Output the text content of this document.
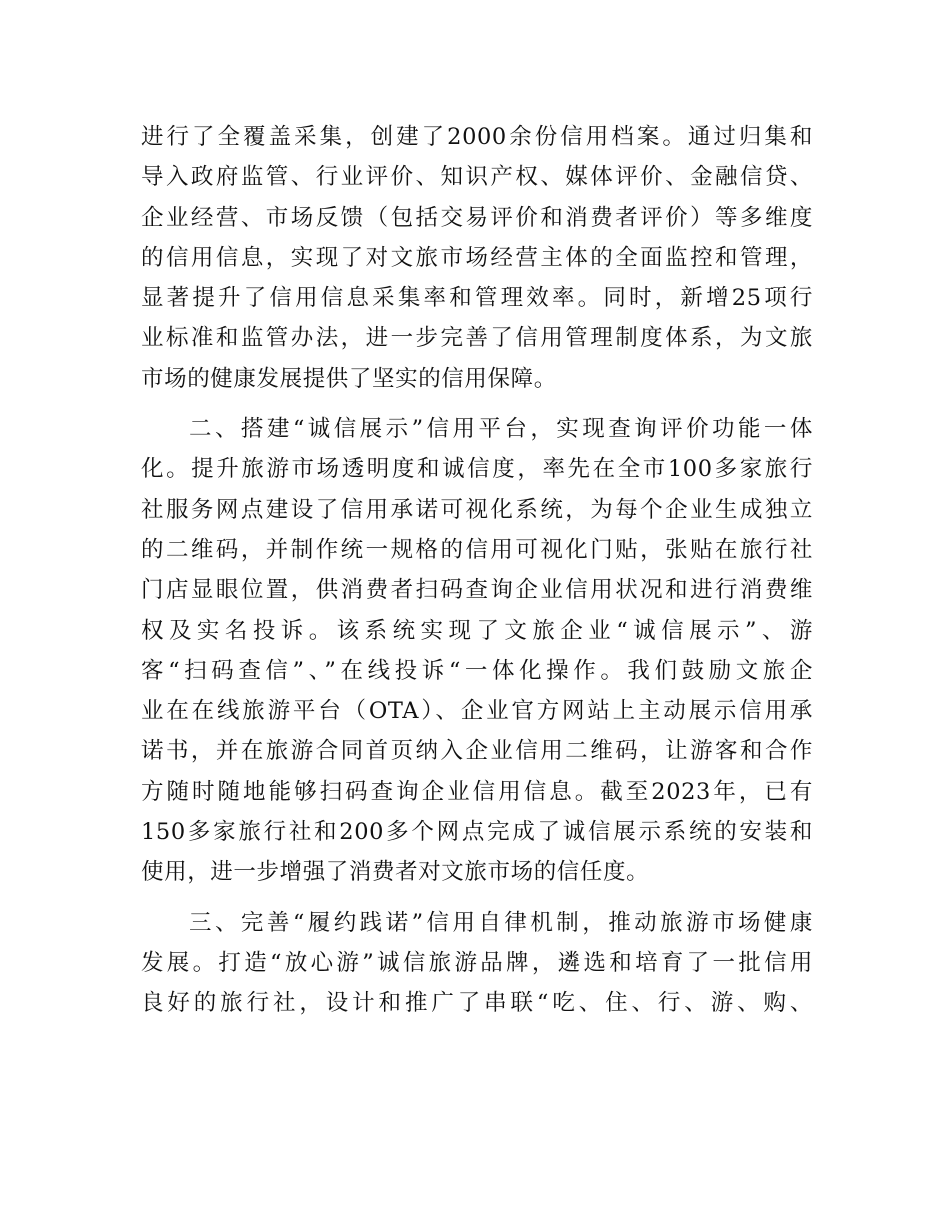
进行了全覆盖采集，创建了2000余份信用档案。通过归集和
导入政府监管、行业评价、知识产权、媒体评价、金融信贷、
企业经营、市场反馈（包括交易评价和消费者评价）等多维度
的信用信息，实现了对文旅市场经营主体的全面监控和管理，
显著提升了信用信息采集率和管理效率。同时，新增25项行
业标准和监管办法，进一步完善了信用管理制度体系，为文旅
市场的健康发展提供了坚实的信用保障。
二、搭建“诚信展示”信用平台，实现查询评价功能一体
化。提升旅游市场透明度和诚信度，率先在全市100多家旅行
社服务网点建设了信用承诺可视化系统，为每个企业生成独立
的二维码，并制作统一规格的信用可视化门贴，张贴在旅行社
门店显眼位置，供消费者扫码查询企业信用状况和进行消费维
权及实名投诉。该系统实现了文旅企业“诚信展示”、游
客“扫码查信”、”在线投诉“一体化操作。我们鼓励文旅企
业在在线旅游平台（OTA）、企业官方网站上主动展示信用承
诺书，并在旅游合同首页纳入企业信用二维码，让游客和合作
方随时随地能够扫码查询企业信用信息。截至2023年，已有
150多家旅行社和200多个网点完成了诚信展示系统的安装和
使用，进一步增强了消费者对文旅市场的信任度。
三、完善“履约践诺”信用自律机制，推动旅游市场健康
发展。打造“放心游”诚信旅游品牌，遴选和培育了一批信用
良好的旅行社，设计和推广了串联“吃、住、行、游、购、
